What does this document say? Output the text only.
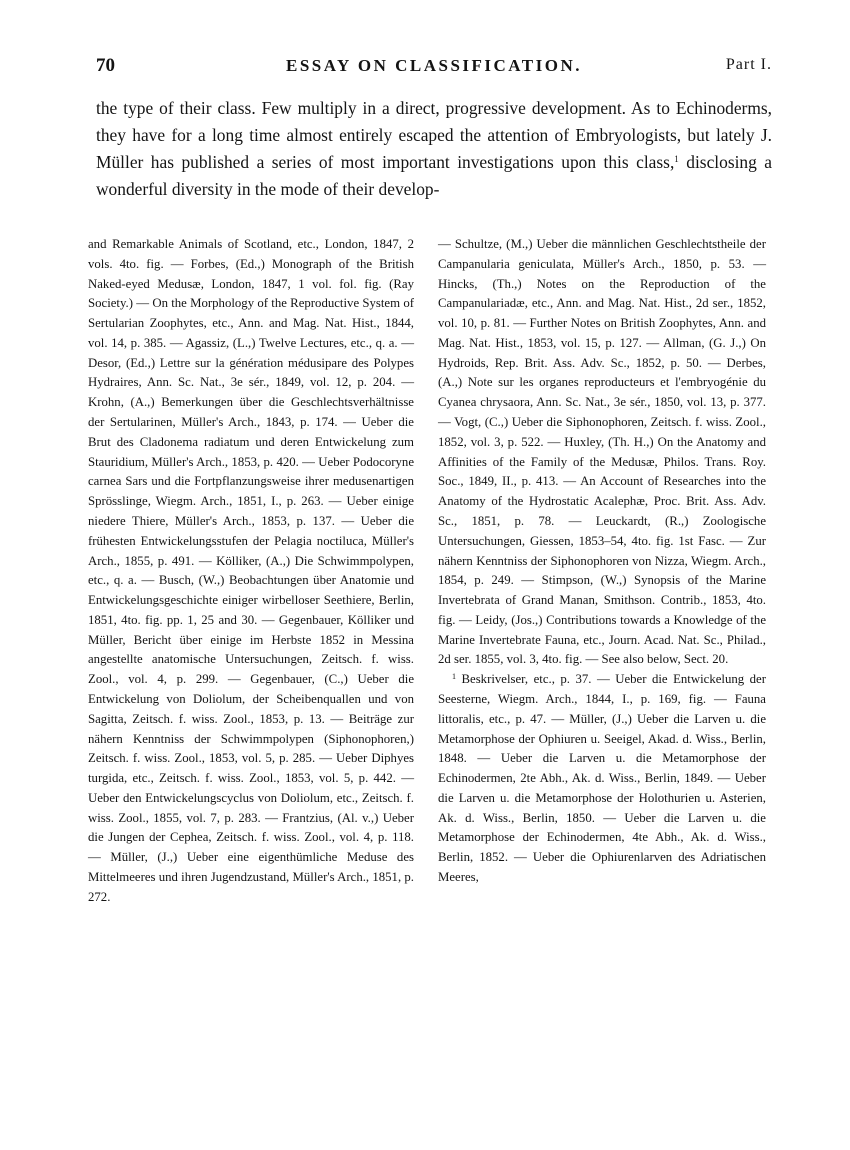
70	ESSAY ON CLASSIFICATION.	Part I.

the type of their class. Few multiply in a direct, progressive development. As to Echinoderms, they have for a long time almost entirely escaped the attention of Embryologists, but lately J. Müller has published a series of most important investigations upon this class,$^1$ disclosing a wonderful diversity in the mode of their develop-

and Remarkable Animals of Scotland, etc., London, 1847, 2 vols. 4to. fig. — Forbes, (Ed.,) Monograph of the British Naked-eyed Medusæ, London, 1847, 1 vol. fol. fig. (Ray Society.) — On the Morphology of the Reproductive System of Sertularian Zoophytes, etc., Ann. and Mag. Nat. Hist., 1844, vol. 14, p. 385. — Agassiz, (L.,) Twelve Lectures, etc., q. a. — Desor, (Ed.,) Lettre sur la génération médusipare des Polypes Hydraires, Ann. Sc. Nat., 3e sér., 1849, vol. 12, p. 204. — Krohn, (A.,) Bemerkungen über die Geschlechtsverhältnisse der Sertularinen, Müller's Arch., 1843, p. 174. — Ueber die Brut des Cladonema radiatum und deren Entwickelung zum Stauridium, Müller's Arch., 1853, p. 420. — Ueber Podocoryne carnea Sars und die Fortpflanzungsweise ihrer medusenartigen Sprösslinge, Wiegm. Arch., 1851, I., p. 263. — Ueber einige niedere Thiere, Müller's Arch., 1853, p. 137. — Ueber die frühesten Entwickelungsstufen der Pelagia noctiluca, Müller's Arch., 1855, p. 491. — Kölliker, (A.,) Die Schwimmpolypen, etc., q. a. — Busch, (W.,) Beobachtungen über Anatomie und Entwickelungsgeschichte einiger wirbelloser Seethiere, Berlin, 1851, 4to. fig. pp. 1, 25 and 30. — Gegenbauer, Kölliker und Müller, Bericht über einige im Herbste 1852 in Messina angestellte anatomische Untersuchungen, Zeitsch. f. wiss. Zool., vol. 4, p. 299. — Gegenbauer, (C.,) Ueber die Entwickelung von Doliolum, der Scheibenquallen und von Sagitta, Zeitsch. f. wiss. Zool., 1853, p. 13. — Beiträge zur nähern Kenntniss der Schwimmpolypen (Siphonophoren,) Zeitsch. f. wiss. Zool., 1853, vol. 5, p. 285. — Ueber Diphyes turgida, etc., Zeitsch. f. wiss. Zool., 1853, vol. 5, p. 442. — Ueber den Entwickelungscyclus von Doliolum, etc., Zeitsch. f. wiss. Zool., 1855, vol. 7, p. 283. — Frantzius, (Al. v.,) Ueber die Jungen der Cephea, Zeitsch. f. wiss. Zool., vol. 4, p. 118. — Müller, (J.,) Ueber eine eigenthümliche Meduse des Mittelmeeres und ihren Jugendzustand, Müller's Arch., 1851, p. 272.

— Schultze, (M.,) Ueber die männlichen Geschlechtstheile der Campanularia geniculata, Müller's Arch., 1850, p. 53. — Hincks, (Th.,) Notes on the Reproduction of the Campanulariadæ, etc., Ann. and Mag. Nat. Hist., 2d ser., 1852, vol. 10, p. 81. — Further Notes on British Zoophytes, Ann. and Mag. Nat. Hist., 1853, vol. 15, p. 127. — Allman, (G. J.,) On Hydroids, Rep. Brit. Ass. Adv. Sc., 1852, p. 50. — Derbes, (A.,) Note sur les organes reproducteurs et l'embryogénie du Cyanea chrysaora, Ann. Sc. Nat., 3e sér., 1850, vol. 13, p. 377. — Vogt, (C.,) Ueber die Siphonophoren, Zeitsch. f. wiss. Zool., 1852, vol. 3, p. 522. — Huxley, (Th. H.,) On the Anatomy and Affinities of the Family of the Medusæ, Philos. Trans. Roy. Soc., 1849, II., p. 413. — An Account of Researches into the Anatomy of the Hydrostatic Acalephæ, Proc. Brit. Ass. Adv. Sc., 1851, p. 78. — Leuckardt, (R.,) Zoologische Untersuchungen, Giessen, 1853–54, 4to. fig. 1st Fasc. — Zur nähern Kenntniss der Siphonophoren von Nizza, Wiegm. Arch., 1854, p. 249. — Stimpson, (W.,) Synopsis of the Marine Invertebrata of Grand Manan, Smithson. Contrib., 1853, 4to. fig. — Leidy, (Jos.,) Contributions towards a Knowledge of the Marine Invertebrate Fauna, etc., Journ. Acad. Nat. Sc., Philad., 2d ser. 1855, vol. 3, 4to. fig. — See also below, Sect. 20.

$^1$ Beskrivelser, etc., p. 37. — Ueber die Entwickelung der Seesterne, Wiegm. Arch., 1844, I., p. 169, fig. — Fauna littoralis, etc., p. 47. — Müller, (J.,) Ueber die Larven u. die Metamorphose der Ophiuren u. Seeigel, Akad. d. Wiss., Berlin, 1848. — Ueber die Larven u. die Metamorphose der Echinodermen, 2te Abh., Ak. d. Wiss., Berlin, 1849. — Ueber die Larven u. die Metamorphose der Holothurien u. Asterien, Ak. d. Wiss., Berlin, 1850. — Ueber die Larven u. die Metamorphose der Echinodermen, 4te Abh., Ak. d. Wiss., Berlin, 1852. — Ueber die Ophiurenlarven des Adriatischen Meeres,
